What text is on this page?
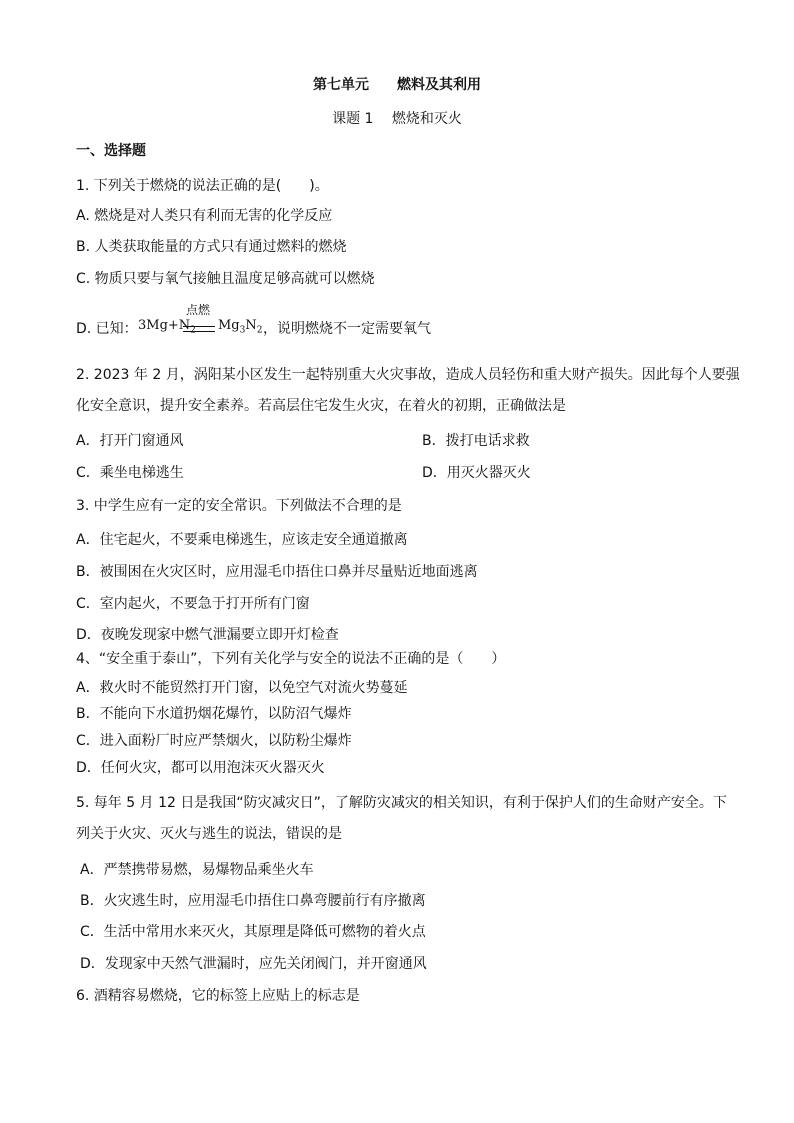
第七单元　　燃料及其利用
课题 1　 燃烧和灭火
一、选择题
1. 下列关于燃烧的说法正确的是(　　)。
A. 燃烧是对人类只有利而无害的化学反应
B. 人类获取能量的方式只有通过燃料的燃烧
C. 物质只要与氧气接触且温度足够高就可以燃烧
D. 已知： $3Mg+N_2$
点燃
$Mg_3N_2$ ，说明燃烧不一定需要氧气
2. 2023 年 2 月，涡阳某小区发生一起特别重大火灾事故，造成人员轻伤和重大财产损失。因此每个人要强
化安全意识，提升安全素养。若高层住宅发生火灾，在着火的初期，正确做法是
A．打开门窗通风	B．拨打电话求救
C．乘坐电梯逃生	D．用灭火器灭火
3. 中学生应有一定的安全常识。下列做法不合理的是
A．住宅起火，不要乘电梯逃生，应该走安全通道撤离
B．被围困在火灾区时，应用湿毛巾捂住口鼻并尽量贴近地面逃离
C．室内起火，不要急于打开所有门窗
D．夜晚发现家中燃气泄漏要立即开灯检查
4、“安全重于泰山”，下列有关化学与安全的说法不正确的是（　　）
A．救火时不能贸然打开门窗，以免空气对流火势蔓延
B．不能向下水道扔烟花爆竹，以防沼气爆炸
C．进入面粉厂时应严禁烟火，以防粉尘爆炸
D．任何火灾，都可以用泡沫灭火器灭火
5. 每年 5 月 12 日是我国“防灾减灾日”，了解防灾减灾的相关知识，有利于保护人们的生命财产安全。下
列关于火灾、灭火与逃生的说法，错误的是
A．严禁携带易燃，易爆物品乘坐火车
B．火灾逃生时，应用湿毛巾捂住口鼻弯腰前行有序撤离
C．生活中常用水来灭火，其原理是降低可燃物的着火点
D．发现家中天然气泄漏时，应先关闭阀门，并开窗通风
6. 酒精容易燃烧，它的标签上应贴上的标志是
